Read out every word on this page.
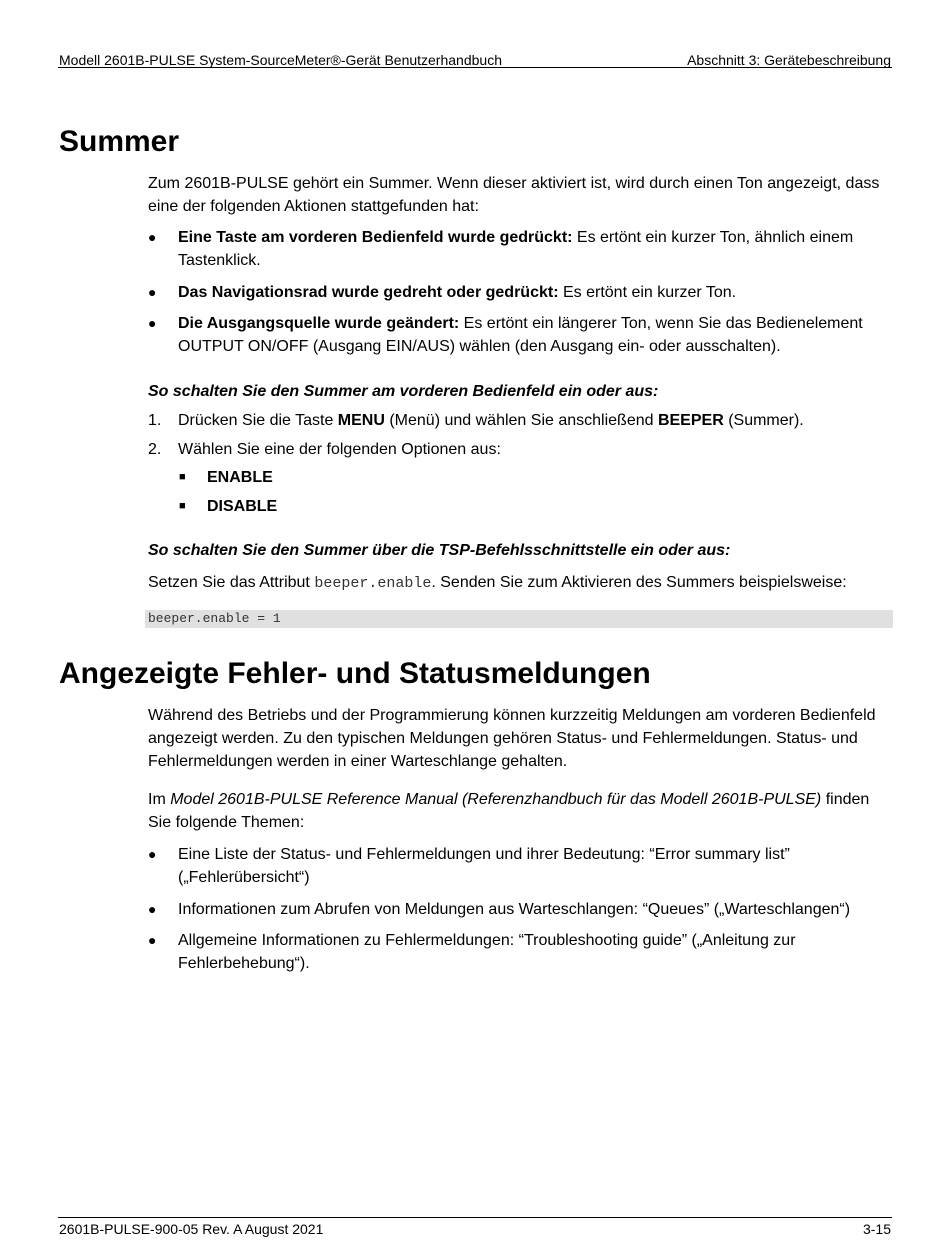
Modell 2601B-PULSE System-SourceMeter®-Gerät Benutzerhandbuch	Abschnitt 3: Gerätebeschreibung
Summer
Zum 2601B-PULSE gehört ein Summer. Wenn dieser aktiviert ist, wird durch einen Ton angezeigt, dass eine der folgenden Aktionen stattgefunden hat:
● Eine Taste am vorderen Bedienfeld wurde gedrückt: Es ertönt ein kurzer Ton, ähnlich einem Tastenklick.
● Das Navigationsrad wurde gedreht oder gedrückt: Es ertönt ein kurzer Ton.
● Die Ausgangsquelle wurde geändert: Es ertönt ein längerer Ton, wenn Sie das Bedienelement OUTPUT ON/OFF (Ausgang EIN/AUS) wählen (den Ausgang ein- oder ausschalten).
So schalten Sie den Summer am vorderen Bedienfeld ein oder aus:
1. Drücken Sie die Taste MENU (Menü) und wählen Sie anschließend BEEPER (Summer).
2. Wählen Sie eine der folgenden Optionen aus:
■ ENABLE
■ DISABLE
So schalten Sie den Summer über die TSP-Befehlsschnittstelle ein oder aus:
Setzen Sie das Attribut beeper.enable. Senden Sie zum Aktivieren des Summers beispielsweise:
beeper.enable = 1
Angezeigte Fehler- und Statusmeldungen
Während des Betriebs und der Programmierung können kurzzeitig Meldungen am vorderen Bedienfeld angezeigt werden. Zu den typischen Meldungen gehören Status- und Fehlermeldungen. Status- und Fehlermeldungen werden in einer Warteschlange gehalten.
Im Model 2601B-PULSE Reference Manual (Referenzhandbuch für das Modell 2601B-PULSE) finden Sie folgende Themen:
● Eine Liste der Status- und Fehlermeldungen und ihrer Bedeutung: “Error summary list” („Fehlerübersicht“)
● Informationen zum Abrufen von Meldungen aus Warteschlangen: “Queues” („Warteschlangen“)
● Allgemeine Informationen zu Fehlermeldungen: “Troubleshooting guide” („Anleitung zur Fehlerbehebung“).
2601B-PULSE-900-05 Rev. A August 2021	3-15
